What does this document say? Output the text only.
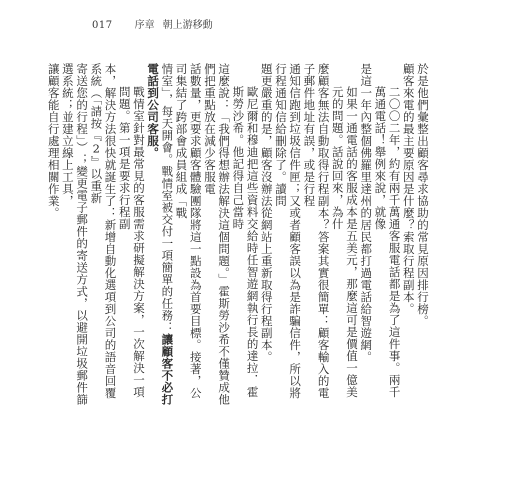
017 序章 朝上游移動
於是他們彙整出顧客尋求協助的常見原因排行榜。
顧客來電的最主要原因是什麼？索取行程副本。
二〇〇二年，約有兩千萬通客服電話都是為了這件事。兩千萬通電話！舉例來說，就像
是這一年內整個佛羅里達州的居民都打過電話給智遊網。
如果一通電話的客服成本是五美元，那麼這可是價值一億美元的問題。話說回來，為什
麼顧客無法自動取得行程副本？答案其實很簡單：顧客輸入的電子郵件地址有誤，或是行程
通知信跑到垃圾信件匣；又或者顧客誤以為是詐騙信件，所以將行程通知信給刪除了。讀問
題更嚴重的是，顧客沒辦法從網站上重新取得行程副本。
歐尼爾和穆迪把這些資料交給時任智遊網執行長的達拉．霍斯勞沙希。他記得自己當時
這麼說：「我們得想辦法解決這個問題。」霍斯勞沙希不僅贊成他們把重點放在減少客服電
話數量，更要求顧客體驗團隊將這一點設為首要目標。接著，公司集結了跨部會成員組成「戰
情室」，每天開會。戰情室被交付一項簡單的任務：讓顧客不必打電話到公司客服。
戰情室針對最常見的客服需求研擬解決方案，一次解決一項問題。第一項是要求行程副
本，解決方法很快就誕生了：新增自動化選項到公司的語音回覆系統（「請按『2』以重新
寄送您的行程」）；變更電子郵件的寄送方式，以避開垃圾郵件篩選系統；並建立線上工具，
讓顧客能自行處理相關作業。
